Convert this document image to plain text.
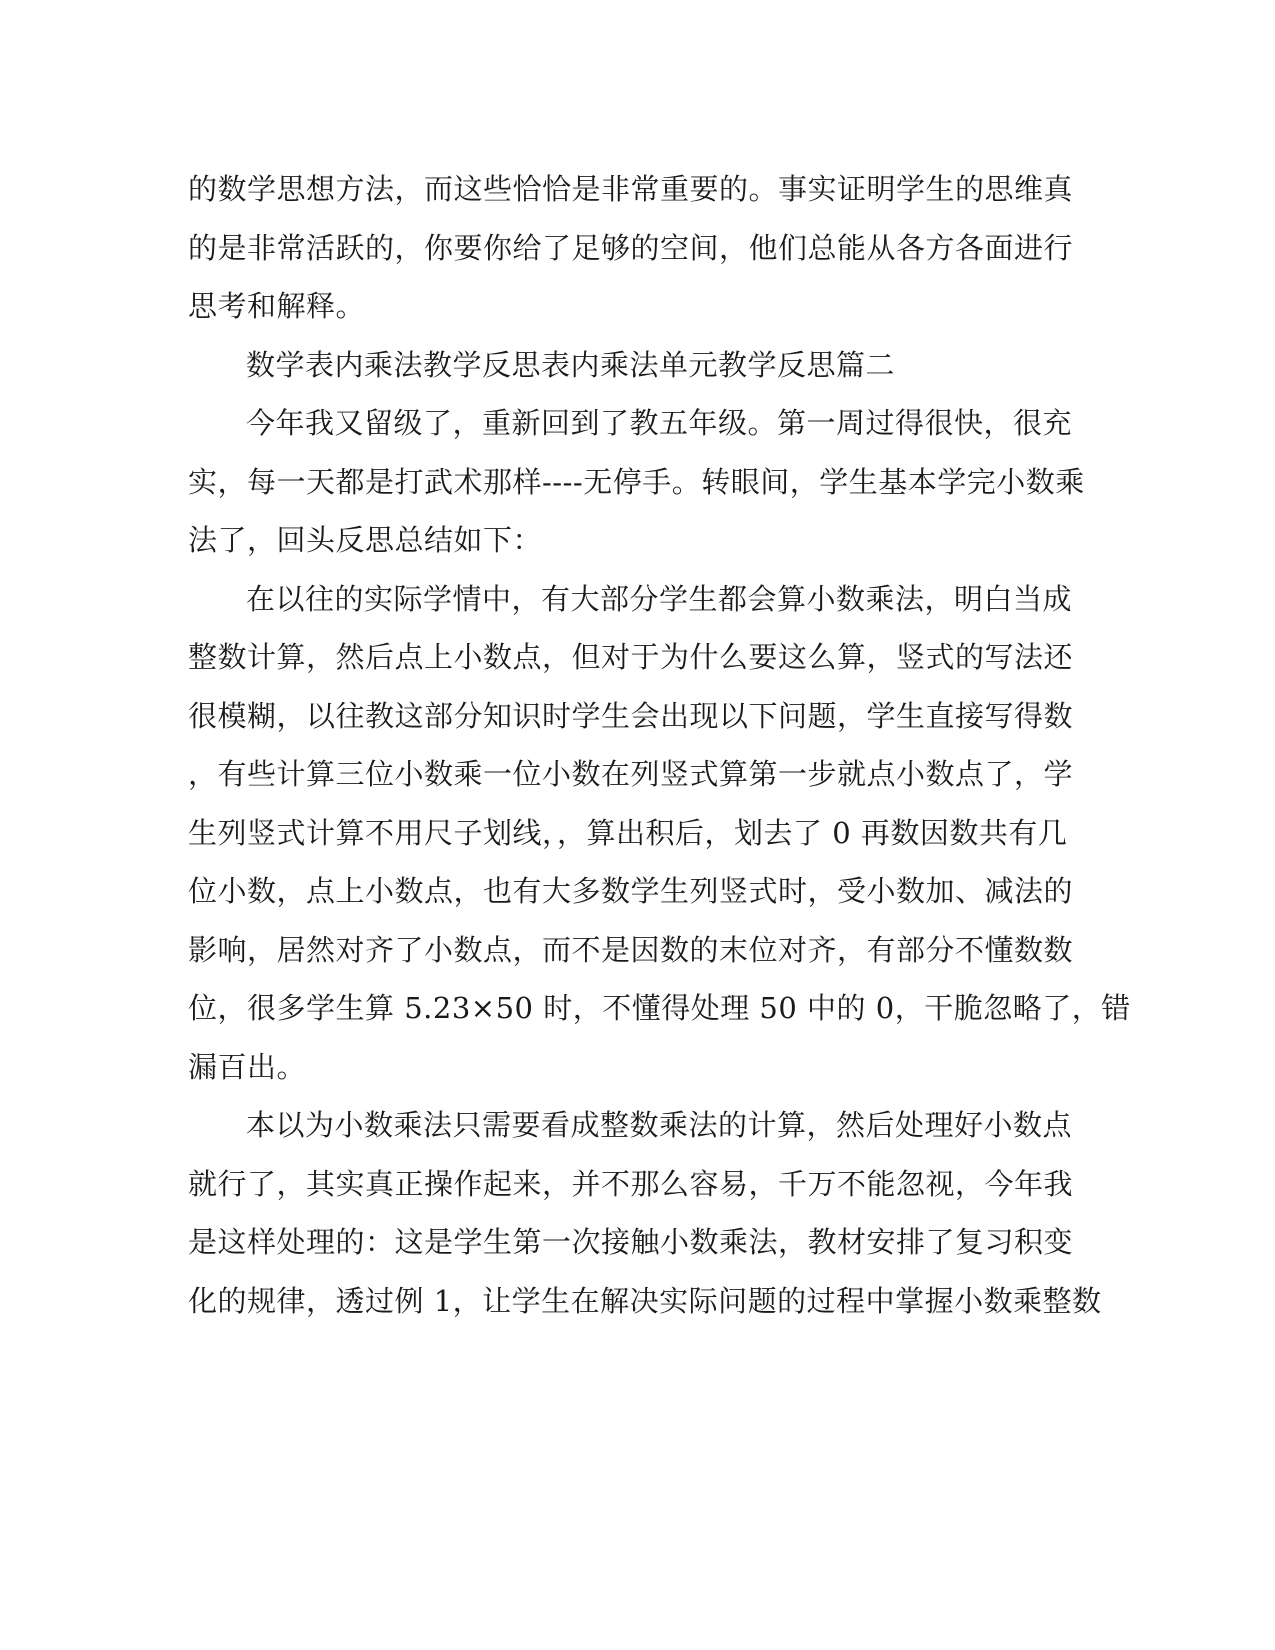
的数学思想方法，而这些恰恰是非常重要的。事实证明学生的思维真
的是非常活跃的，你要你给了足够的空间，他们总能从各方各面进行
思考和解释。
数学表内乘法教学反思表内乘法单元教学反思篇二
今年我又留级了，重新回到了教五年级。第一周过得很快，很充
实，每一天都是打武术那样----无停手。转眼间，学生基本学完小数乘
法了，回头反思总结如下：
在以往的实际学情中，有大部分学生都会算小数乘法，明白当成
整数计算，然后点上小数点，但对于为什么要这么算，竖式的写法还
很模糊，以往教这部分知识时学生会出现以下问题，学生直接写得数
，有些计算三位小数乘一位小数在列竖式算第一步就点小数点了，学
生列竖式计算不用尺子划线，，算出积后，划去了 0 再数因数共有几
位小数，点上小数点，也有大多数学生列竖式时，受小数加、减法的
影响，居然对齐了小数点，而不是因数的末位对齐，有部分不懂数数
位，很多学生算 5.23×50 时，不懂得处理 50 中的 0，干脆忽略了，错
漏百出。
本以为小数乘法只需要看成整数乘法的计算，然后处理好小数点
就行了，其实真正操作起来，并不那么容易，千万不能忽视，今年我
是这样处理的：这是学生第一次接触小数乘法，教材安排了复习积变
化的规律，透过例 1，让学生在解决实际问题的过程中掌握小数乘整数
